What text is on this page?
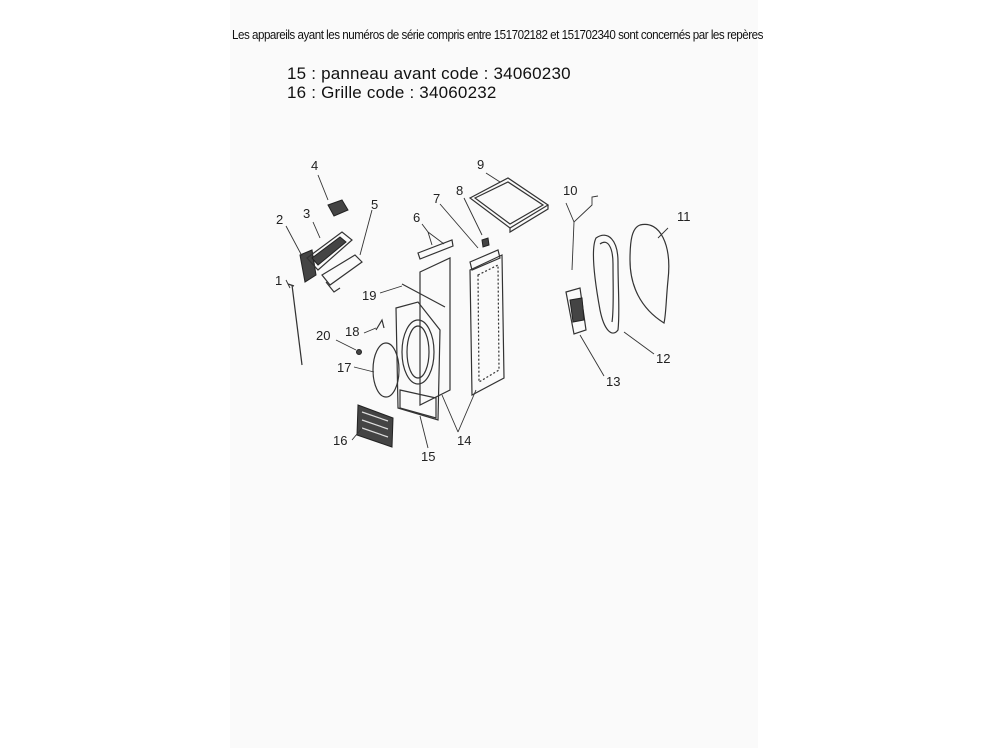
Les appareils ayant les numéros de série compris entre 151702182 et 151702340 sont concernés par les repères
15 : panneau avant code : 34060230
16 : Grille code : 34060232
1
2 3
4
5
6
7
8
9
10
11
12
13
14
15
16
17
18
19
20
